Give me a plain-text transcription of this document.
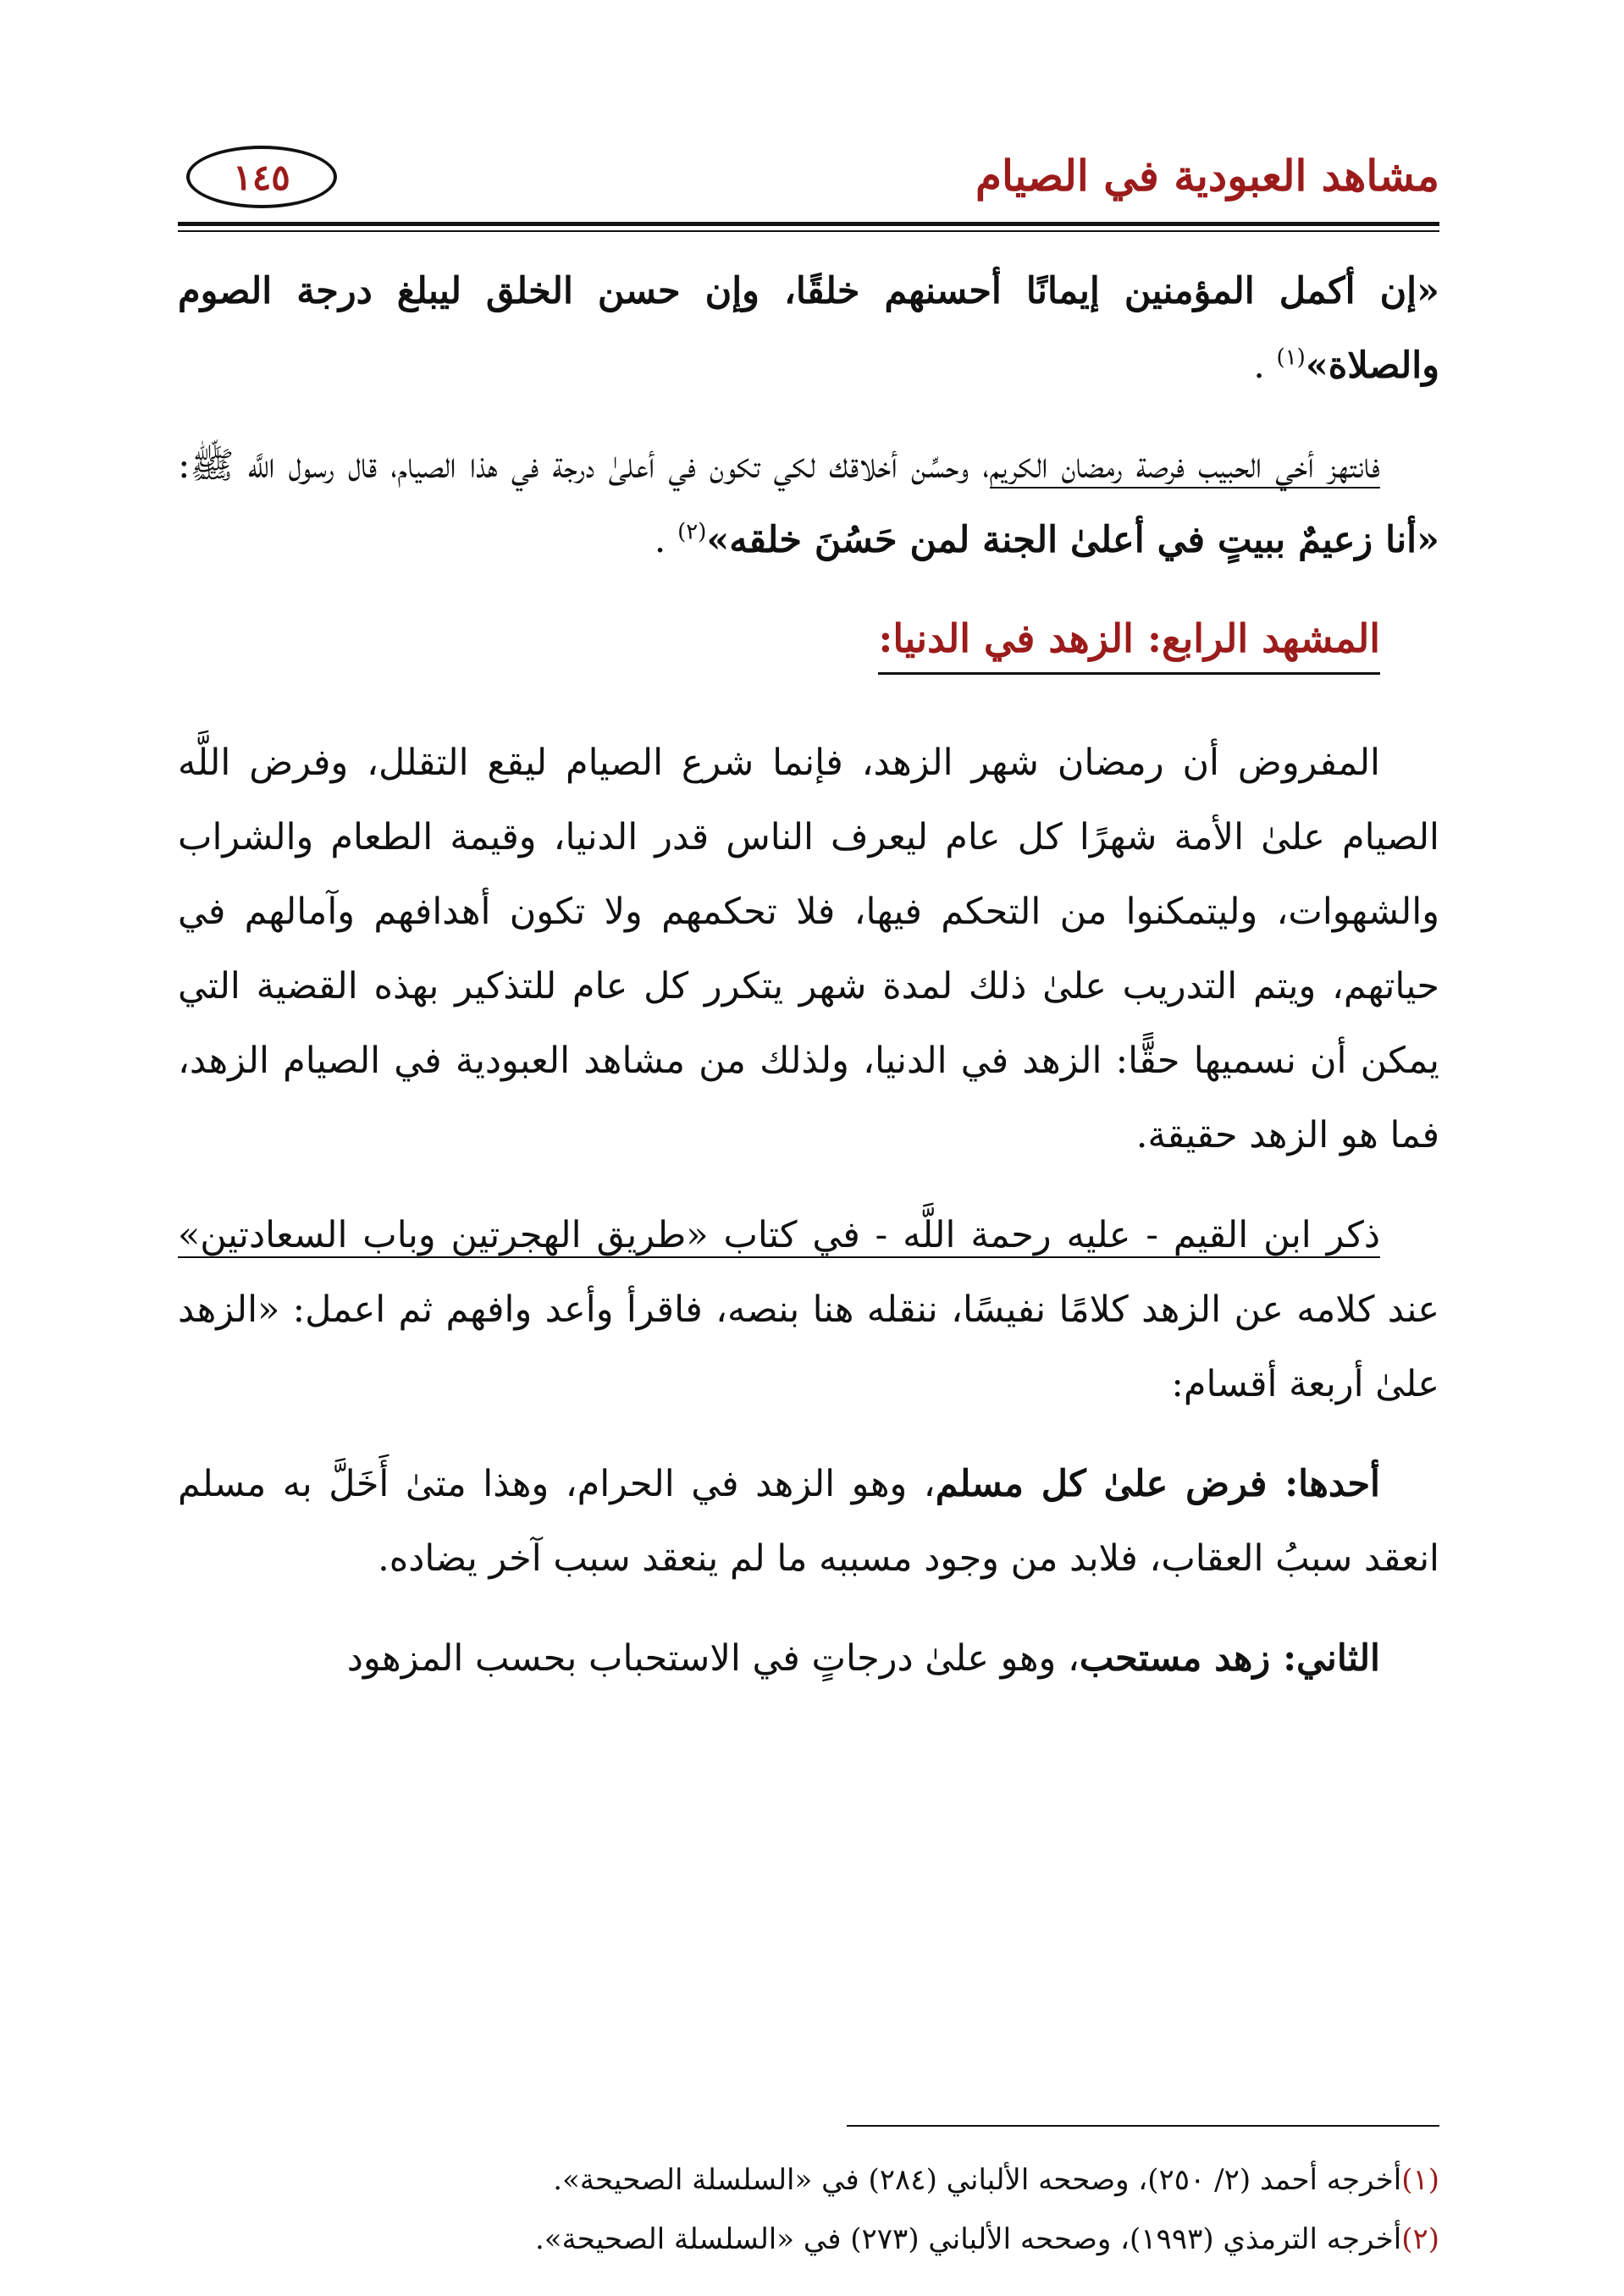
مشاهد العبودية في الصيام
١٤٥

«إن أكمل المؤمنين إيمانًا أحسنهم خلقًا، وإن حسن الخلق ليبلغ درجة الصوم والصلاة»$^{(١)}$ .

فانتهز أخي الحبيب فرصة رمضان الكريم، وحسِّن أخلاقك لكي تكون في أعلىٰ درجة في هذا الصيام، قال رسول اللَّه ﷺ: «أنا زعيمٌ ببيتٍ في أعلىٰ الجنة لمن حَسُنَ خلقه»$^{(٢)}$ .

المشهد الرابع: الزهد في الدنيا:

المفروض أن رمضان شهر الزهد، فإنما شرع الصيام ليقع التقلل، وفرض اللَّه الصيام علىٰ الأمة شهرًا كل عام ليعرف الناس قدر الدنيا، وقيمة الطعام والشراب والشهوات، وليتمكنوا من التحكم فيها، فلا تحكمهم ولا تكون أهدافهم وآمالهم في حياتهم، ويتم التدريب علىٰ ذلك لمدة شهر يتكرر كل عام للتذكير بهذه القضية التي يمكن أن نسميها حقًّا: الزهد في الدنيا، ولذلك من مشاهد العبودية في الصيام الزهد، فما هو الزهد حقيقة.

ذكر ابن القيم - عليه رحمة اللَّه - في كتاب «طريق الهجرتين وباب السعادتين» عند كلامه عن الزهد كلامًا نفيسًا، ننقله هنا بنصه، فاقرأ وأعد وافهم ثم اعمل: «الزهد علىٰ أربعة أقسام:

أحدها: فرض علىٰ كل مسلم، وهو الزهد في الحرام، وهذا متىٰ أَخَلَّ به مسلم انعقد سببُ العقاب، فلابد من وجود مسببه ما لم ينعقد سبب آخر يضاده.

الثاني: زهد مستحب، وهو علىٰ درجاتٍ في الاستحباب بحسب المزهود

(١)أخرجه أحمد (٢/ ٢٥٠)، وصححه الألباني (٢٨٤) في «السلسلة الصحيحة».
(٢)أخرجه الترمذي (١٩٩٣)، وصححه الألباني (٢٧٣) في «السلسلة الصحيحة».
